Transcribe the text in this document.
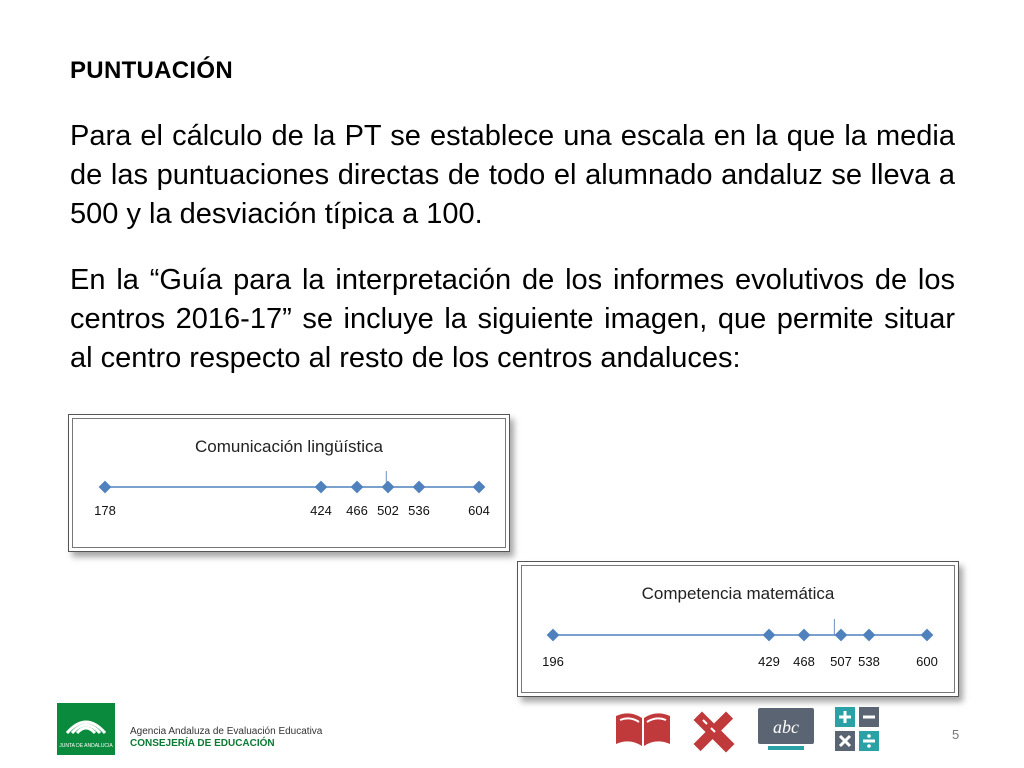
PUNTUACIÓN
Para el cálculo de la PT se establece una escala en la que la media de las puntuaciones directas de todo el alumnado andaluz se lleva a 500 y la desviación típica a 100.
En la “Guía para la interpretación de los informes evolutivos de los centros 2016-17” se incluye la siguiente imagen, que permite situar al centro respecto al resto de los centros andaluces:
Comunicación lingüística
178	424 466 502 536	604
Competencia matemática
196	429 468 507 538	600
JUNTA DE ANDALUCIA
Agencia Andaluza de Evaluación Educativa
CONSEJERÍA DE EDUCACIÓN
abc	5
